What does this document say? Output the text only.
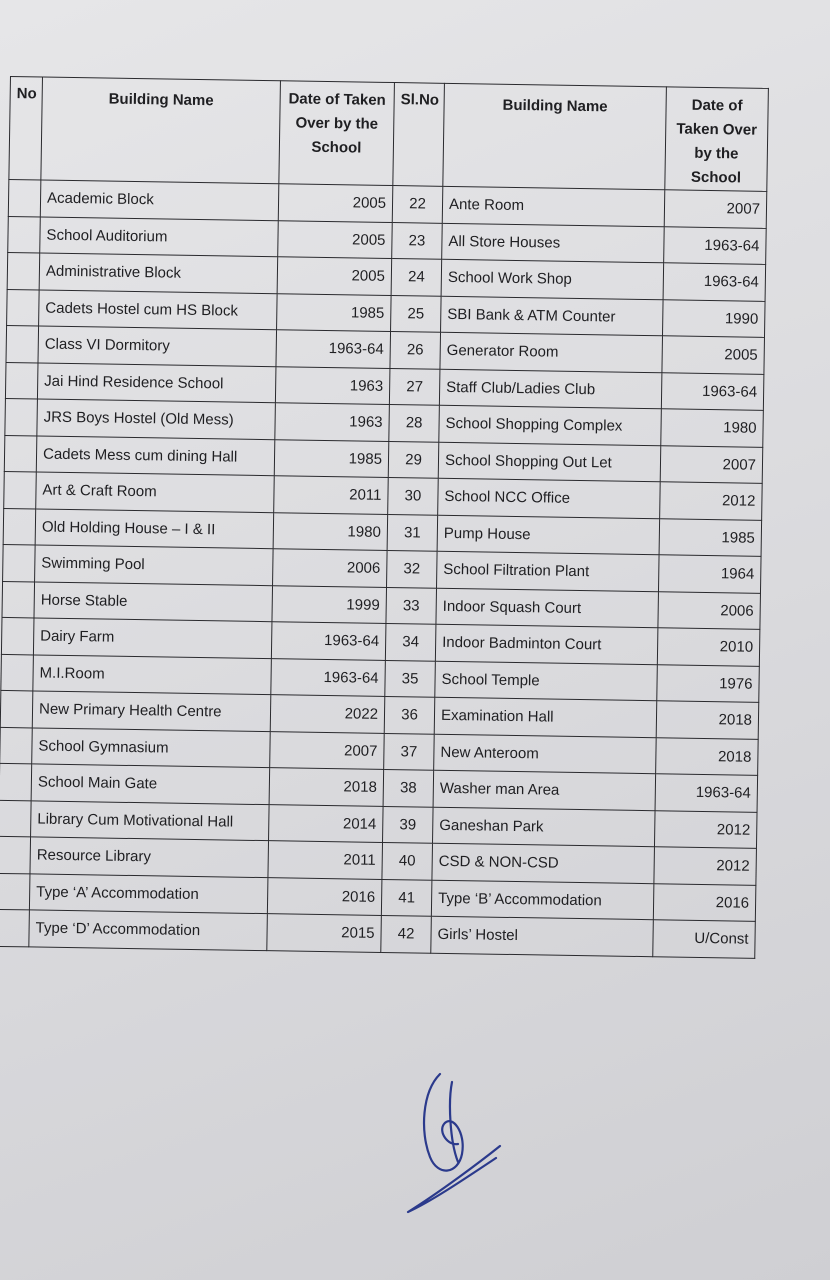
No	Building Name	Date of Taken Over by the School	Sl.No	Building Name	Date of Taken Over by the School
	Academic Block	2005	22	Ante Room	2007
	School Auditorium	2005	23	All Store Houses	1963-64
	Administrative Block	2005	24	School Work Shop	1963-64
	Cadets Hostel cum HS Block	1985	25	SBI Bank & ATM Counter	1990
	Class VI Dormitory	1963-64	26	Generator Room	2005
	Jai Hind Residence School	1963	27	Staff Club/Ladies Club	1963-64
	JRS Boys Hostel (Old Mess)	1963	28	School Shopping Complex	1980
	Cadets Mess cum dining Hall	1985	29	School Shopping Out Let	2007
	Art & Craft Room	2011	30	School NCC Office	2012
	Old Holding House – I & II	1980	31	Pump House	1985
	Swimming Pool	2006	32	School Filtration Plant	1964
	Horse Stable	1999	33	Indoor Squash Court	2006
	Dairy Farm	1963-64	34	Indoor Badminton Court	2010
	M.I.Room	1963-64	35	School Temple	1976
	New Primary Health Centre	2022	36	Examination Hall	2018
	School Gymnasium	2007	37	New Anteroom	2018
	School Main Gate	2018	38	Washer man Area	1963-64
	Library Cum Motivational Hall	2014	39	Ganeshan Park	2012
	Resource Library	2011	40	CSD & NON-CSD	2012
	Type ‘A’ Accommodation	2016	41	Type ‘B’ Accommodation	2016
	Type ‘D’ Accommodation	2015	42	Girls’ Hostel	U/Const
